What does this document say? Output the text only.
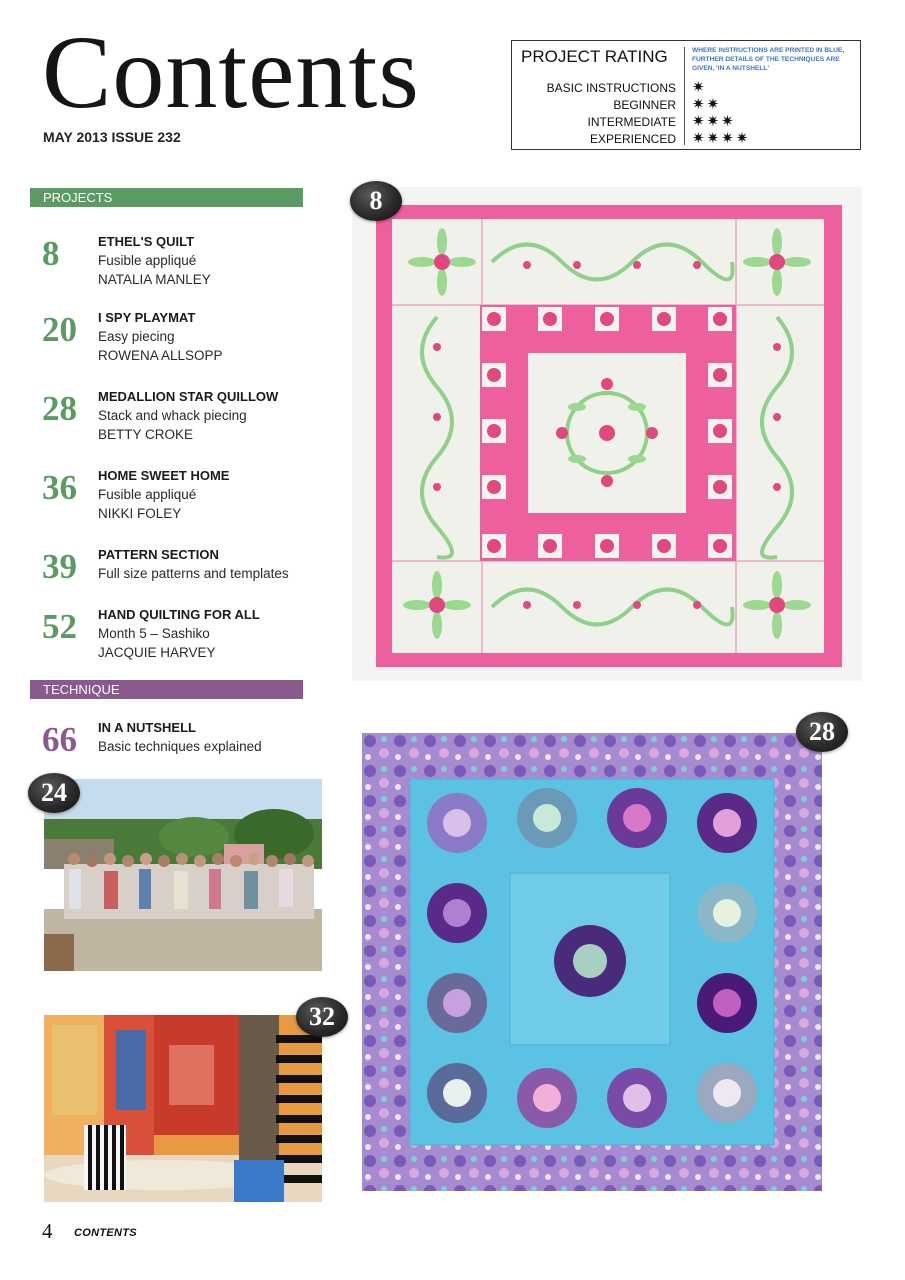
Contents
MAY 2013 ISSUE 232
PROJECT RATING	WHERE INSTRUCTIONS ARE PRINTED IN BLUE, FURTHER DETAILS OF THE TECHNIQUES ARE GIVEN, 'IN A NUTSHELL'
BASIC INSTRUCTIONS ✷
BEGINNER ✷✷
INTERMEDIATE ✷✷✷
EXPERIENCED ✷✷✷✷
PROJECTS
8	ETHEL'S QUILT
Fusible appliqué
NATALIA MANLEY
20	I SPY PLAYMAT
Easy piecing
ROWENA ALLSOPP
28	MEDALLION STAR QUILLOW
Stack and whack piecing
BETTY CROKE
36	HOME SWEET HOME
Fusible appliqué
NIKKI FOLEY
39	PATTERN SECTION
Full size patterns and templates
52	HAND QUILTING FOR ALL
Month 5 – Sashiko
JACQUIE HARVEY
TECHNIQUE
66	IN A NUTSHELL
Basic techniques explained
8
28
24
32
4 CONTENTS
